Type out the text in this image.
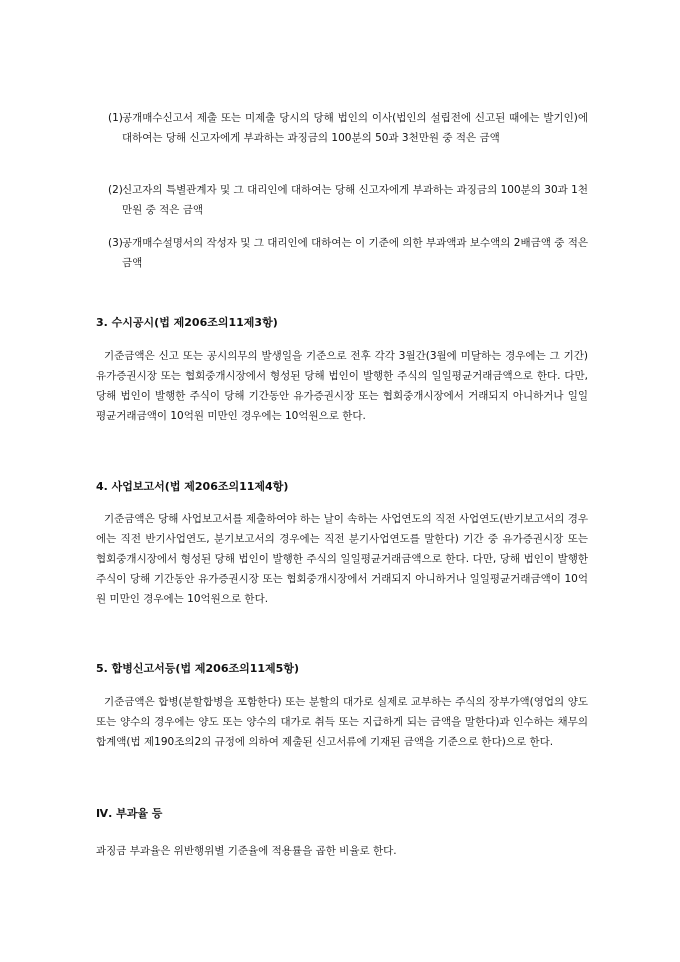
(1) 공개매수신고서 제출 또는 미제출 당시의 당해 법인의 이사(법인의 설립전에 신고된 때에는 발기인)에 대하여는 당해 신고자에게 부과하는 과징금의 100분의 50과 3천만원 중 적은 금액
(2) 신고자의 특별관계자 및 그 대리인에 대하여는 당해 신고자에게 부과하는 과징금의 100분의 30과 1천만원 중 적은 금액
(3) 공개매수설명서의 작성자 및 그 대리인에 대하여는 이 기준에 의한 부과액과 보수액의 2배금액 중 적은 금액
3. 수시공시(법 제206조의11제3항)
기준금액은 신고 또는 공시의무의 발생일을 기준으로 전후 각각 3월간(3월에 미달하는 경우에는 그 기간) 유가증권시장 또는 협회중개시장에서 형성된 당해 법인이 발행한 주식의 일일평균거래금액으로 한다. 다만, 당해 법인이 발행한 주식이 당해 기간동안 유가증권시장 또는 협회중개시장에서 거래되지 아니하거나 일일평균거래금액이 10억원 미만인 경우에는 10억원으로 한다.
4. 사업보고서(법 제206조의11제4항)
기준금액은 당해 사업보고서를 제출하여야 하는 날이 속하는 사업연도의 직전 사업연도(반기보고서의 경우에는 직전 반기사업연도, 분기보고서의 경우에는 직전 분기사업연도를 말한다) 기간 중 유가증권시장 또는 협회중개시장에서 형성된 당해 법인이 발행한 주식의 일일평균거래금액으로 한다. 다만, 당해 법인이 발행한 주식이 당해 기간동안 유가증권시장 또는 협회중개시장에서 거래되지 아니하거나 일일평균거래금액이 10억원 미만인 경우에는 10억원으로 한다.
5. 합병신고서등(법 제206조의11제5항)
기준금액은 합병(분할합병을 포함한다) 또는 분할의 대가로 실제로 교부하는 주식의 장부가액(영업의 양도 또는 양수의 경우에는 양도 또는 양수의 대가로 취득 또는 지급하게 되는 금액을 말한다)과 인수하는 채무의 합계액(법 제190조의2의 규정에 의하여 제출된 신고서류에 기재된 금액을 기준으로 한다)으로 한다.
Ⅳ. 부과율 등
과징금 부과율은 위반행위별 기준율에 적용률을 곱한 비율로 한다.
